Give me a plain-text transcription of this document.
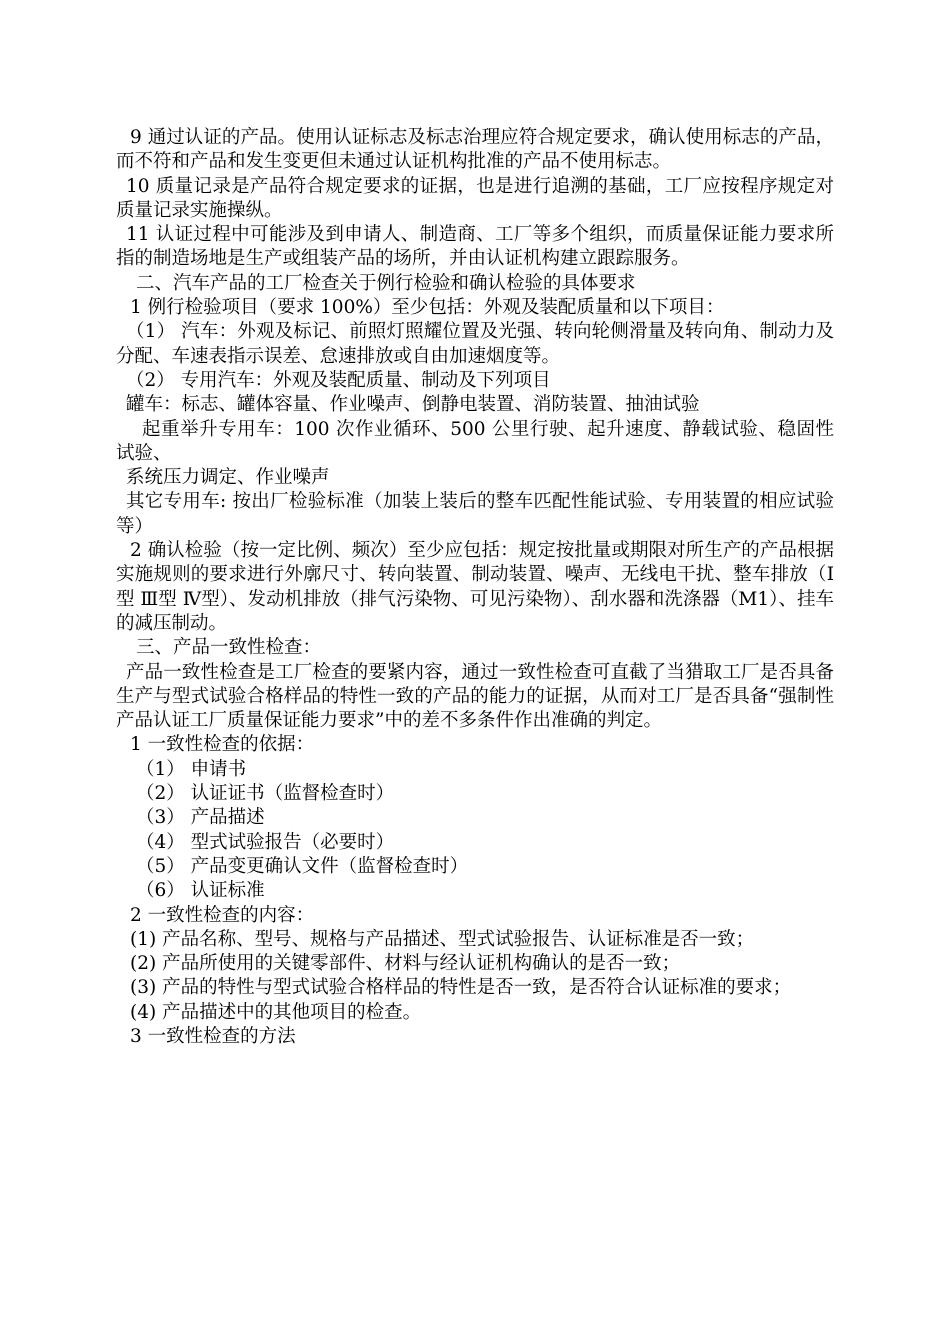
9 通过认证的产品。使用认证标志及标志治理应符合规定要求，确认使用标志的产品，而不符和产品和发生变更但未通过认证机构批准的产品不使用标志。

10 质量记录是产品符合规定要求的证据，也是进行追溯的基础，工厂应按程序规定对质量记录实施操纵。

11 认证过程中可能涉及到申请人、制造商、工厂等多个组织，而质量保证能力要求所指的制造场地是生产或组装产品的场所，并由认证机构建立跟踪服务。

二、汽车产品的工厂检查关于例行检验和确认检验的具体要求

1 例行检验项目（要求 100%）至少包括：外观及装配质量和以下项目：

（1） 汽车：外观及标记、前照灯照耀位置及光强、转向轮侧滑量及转向角、制动力及分配、车速表指示误差、怠速排放或自由加速烟度等。

（2） 专用汽车：外观及装配质量、制动及下列项目

罐车：标志、罐体容量、作业噪声、倒静电装置、消防装置、抽油试验

起重举升专用车：100 次作业循环、500 公里行驶、起升速度、静载试验、稳固性试验、

系统压力调定、作业噪声

其它专用车: 按出厂检验标准（加装上装后的整车匹配性能试验、专用装置的相应试验等）

2 确认检验（按一定比例、频次）至少应包括：规定按批量或期限对所生产的产品根据实施规则的要求进行外廓尺寸、转向装置、制动装置、噪声、无线电干扰、整车排放（Ⅰ型 Ⅲ型 Ⅳ型）、发动机排放（排气污染物、可见污染物）、刮水器和洗涤器（M1）、挂车的减压制动。

三、产品一致性检查：

产品一致性检查是工厂检查的要紧内容，通过一致性检查可直截了当猎取工厂是否具备生产与型式试验合格样品的特性一致的产品的能力的证据，从而对工厂是否具备“强制性产品认证工厂质量保证能力要求”中的差不多条件作出准确的判定。

1 一致性检查的依据：

（1） 申请书

（2） 认证证书（监督检查时）

（3） 产品描述

（4） 型式试验报告（必要时）

（5） 产品变更确认文件（监督检查时）

（6） 认证标准

2 一致性检查的内容：

(1) 产品名称、型号、规格与产品描述、型式试验报告、认证标准是否一致；

(2) 产品所使用的关键零部件、材料与经认证机构确认的是否一致；

(3) 产品的特性与型式试验合格样品的特性是否一致，是否符合认证标准的要求；

(4) 产品描述中的其他项目的检查。

3 一致性检查的方法
